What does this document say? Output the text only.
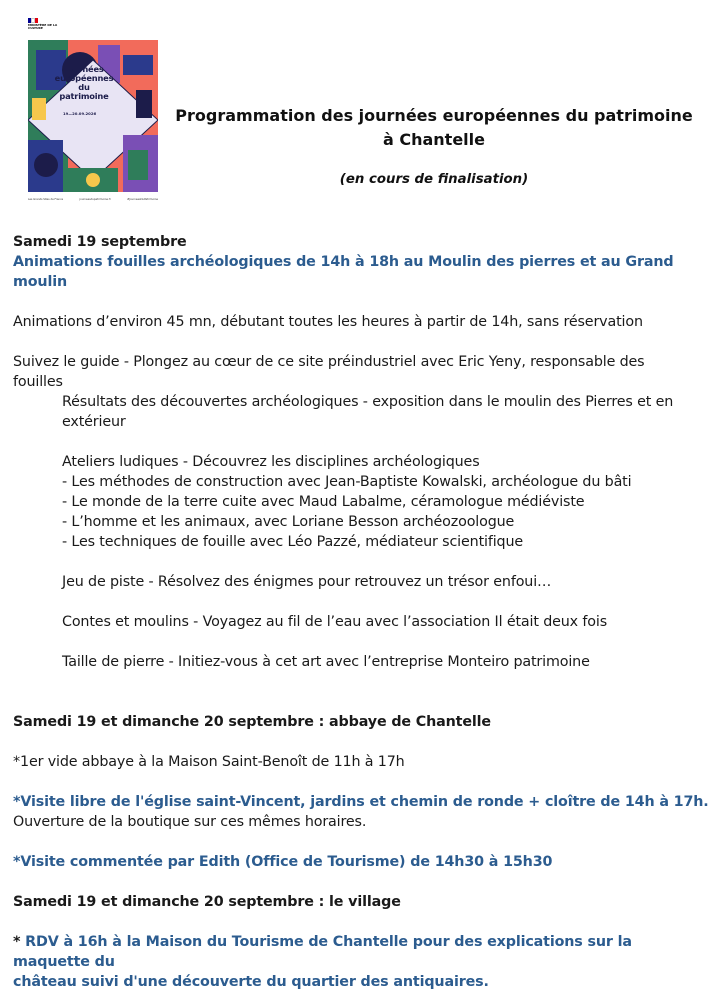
MINISTÈRE DE LA CULTURE
Journées européennes du patrimoine
19—20.09.2026
Les Grands Sites de France	journeesdupatrimoine.fr	#JourneesDuPatrimoine
Programmation des journées européennes du patrimoine
à Chantelle
(en cours de finalisation)

Samedi 19 septembre

Animations fouilles archéologiques de 14h à 18h au Moulin des pierres et au Grand moulin

Animations d’environ 45 mn, débutant toutes les heures à partir de 14h, sans réservation

Suivez le guide - Plongez au cœur de ce site préindustriel avec Eric Yeny, responsable des

fouilles

Résultats des découvertes archéologiques - exposition dans le moulin des Pierres et en

extérieur

Ateliers ludiques - Découvrez les disciplines archéologiques

- Les méthodes de construction avec Jean-Baptiste Kowalski, archéologue du bâti

- Le monde de la terre cuite avec Maud Labalme, céramologue médiéviste

- L’homme et les animaux, avec Loriane Besson archéozoologue

- Les techniques de fouille avec Léo Pazzé, médiateur scientifique

Jeu de piste - Résolvez des énigmes pour retrouvez un trésor enfoui…

Contes et moulins - Voyagez au fil de l’eau avec l’association Il était deux fois

Taille de pierre - Initiez-vous à cet art avec l’entreprise Monteiro patrimoine

Samedi 19 et dimanche 20 septembre : abbaye de Chantelle

*1er vide abbaye à la Maison Saint-Benoît de 11h à 17h

*Visite libre de l'église saint-Vincent, jardins et chemin de ronde + cloître de 14h à 17h.

Ouverture de la boutique sur ces mêmes horaires.

*Visite commentée par Edith (Office de Tourisme) de 14h30 à 15h30

Samedi 19 et dimanche 20 septembre : le village

* RDV à 16h à la Maison du Tourisme de Chantelle pour des explications sur la maquette du

château suivi d'une découverte du quartier des antiquaires.
